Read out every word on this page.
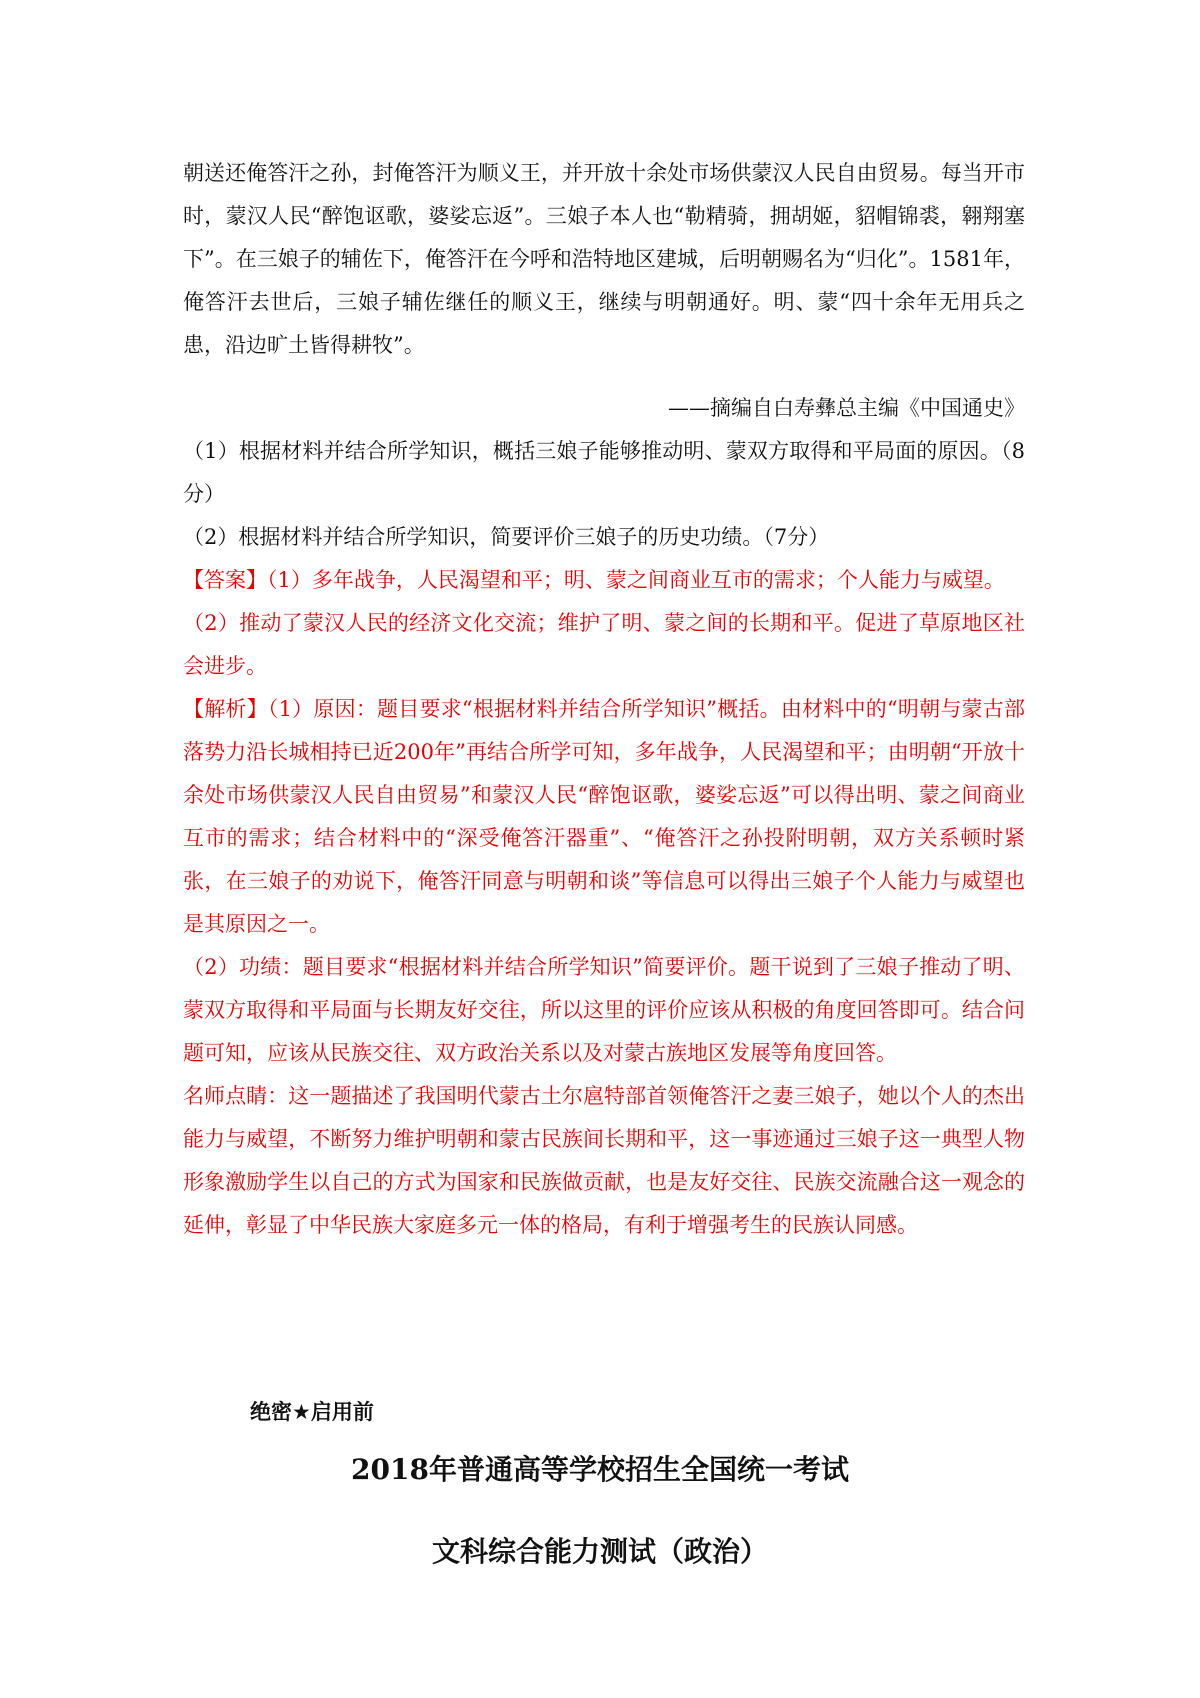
朝送还俺答汗之孙，封俺答汗为顺义王，并开放十余处市场供蒙汉人民自由贸易。每当开市时，蒙汉人民“醉饱讴歌，婆娑忘返”。三娘子本人也“勒精骑，拥胡姬，貂帽锦裘，翱翔塞下”。在三娘子的辅佐下，俺答汗在今呼和浩特地区建城，后明朝赐名为“归化”。1581年，俺答汗去世后，三娘子辅佐继任的顺义王，继续与明朝通好。明、蒙“四十余年无用兵之患，沿边旷土皆得耕牧”。

——摘编自白寿彝总主编《中国通史》

（1）根据材料并结合所学知识，概括三娘子能够推动明、蒙双方取得和平局面的原因。（8分）

（2）根据材料并结合所学知识，简要评价三娘子的历史功绩。（7分）

【答案】（1）多年战争，人民渴望和平；明、蒙之间商业互市的需求；个人能力与威望。

（2）推动了蒙汉人民的经济文化交流；维护了明、蒙之间的长期和平。促进了草原地区社会进步。

【解析】（1）原因：题目要求“根据材料并结合所学知识”概括。由材料中的“明朝与蒙古部落势力沿长城相持已近200年”再结合所学可知，多年战争，人民渴望和平；由明朝“开放十余处市场供蒙汉人民自由贸易”和蒙汉人民“醉饱讴歌，婆娑忘返”可以得出明、蒙之间商业互市的需求；结合材料中的“深受俺答汗器重”、“俺答汗之孙投附明朝，双方关系顿时紧张，在三娘子的劝说下，俺答汗同意与明朝和谈”等信息可以得出三娘子个人能力与威望也是其原因之一。

（2）功绩：题目要求“根据材料并结合所学知识”简要评价。题干说到了三娘子推动了明、蒙双方取得和平局面与长期友好交往，所以这里的评价应该从积极的角度回答即可。结合问题可知，应该从民族交往、双方政治关系以及对蒙古族地区发展等角度回答。

名师点睛：这一题描述了我国明代蒙古土尔扈特部首领俺答汗之妻三娘子，她以个人的杰出能力与威望，不断努力维护明朝和蒙古民族间长期和平，这一事迹通过三娘子这一典型人物形象激励学生以自己的方式为国家和民族做贡献，也是友好交往、民族交流融合这一观念的延伸，彰显了中华民族大家庭多元一体的格局，有利于增强考生的民族认同感。

绝密★启用前
2018年普通高等学校招生全国统一考试
文科综合能力测试（政治）
